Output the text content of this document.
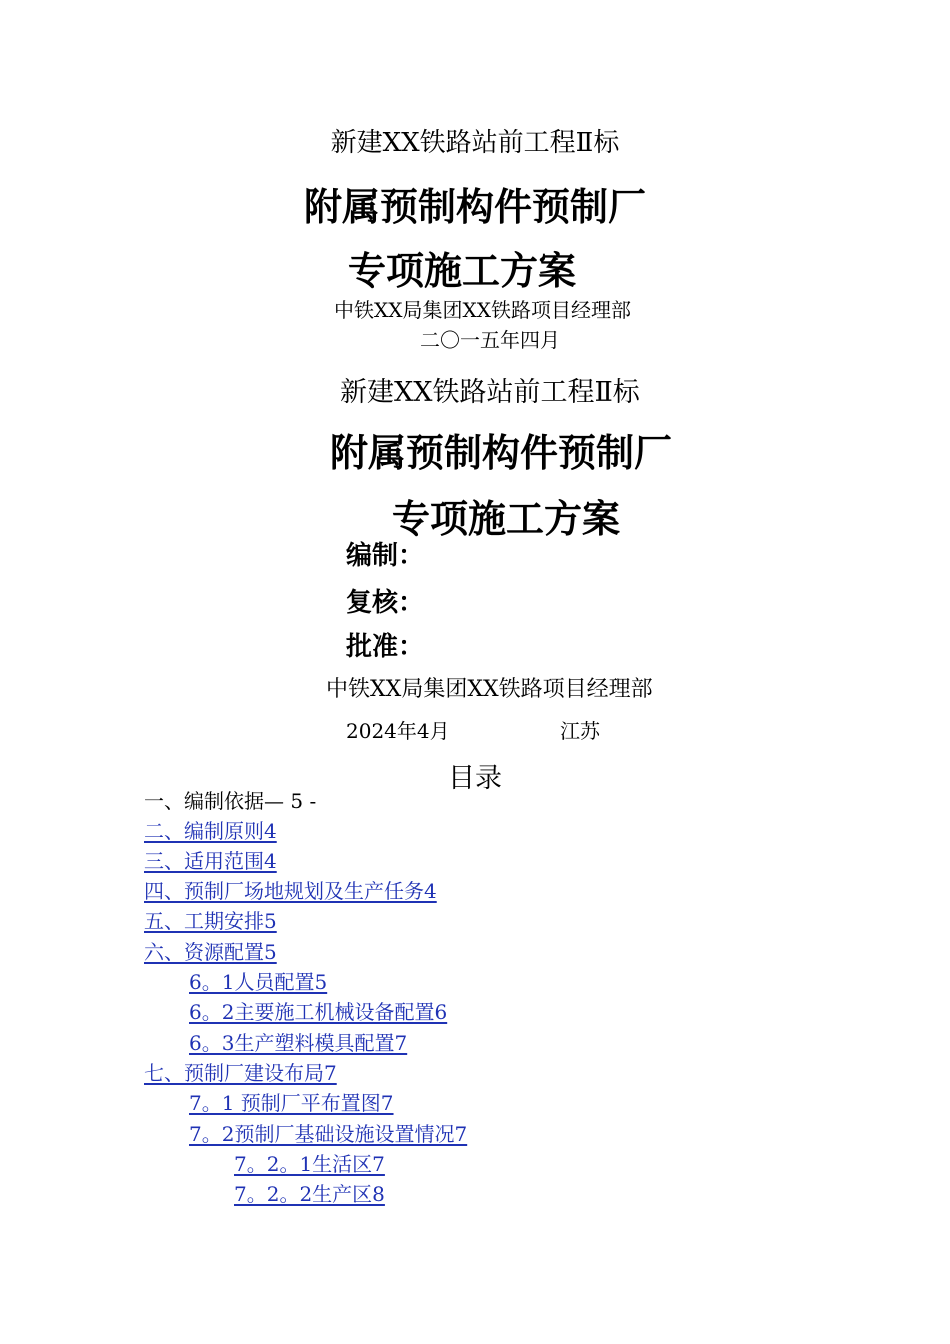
新建XX铁路站前工程Ⅱ标
附属预制构件预制厂
专项施工方案
中铁XX局集团XX铁路项目经理部
二〇一五年四月
新建XX铁路站前工程Ⅱ标
附属预制构件预制厂
专项施工方案
编制：
复核：
批准：
中铁XX局集团XX铁路项目经理部
2024年4月	江苏
目录
一、编制依据— 5 -
二、编制原则4
三、适用范围4
四、预制厂场地规划及生产任务4
五、工期安排5
六、资源配置5
6。1人员配置5
6。2主要施工机械设备配置6
6。3生产塑料模具配置7
七、预制厂建设布局7
7。1 预制厂平布置图7
7。2预制厂基础设施设置情况7
7。2。1生活区7
7。2。2生产区8
